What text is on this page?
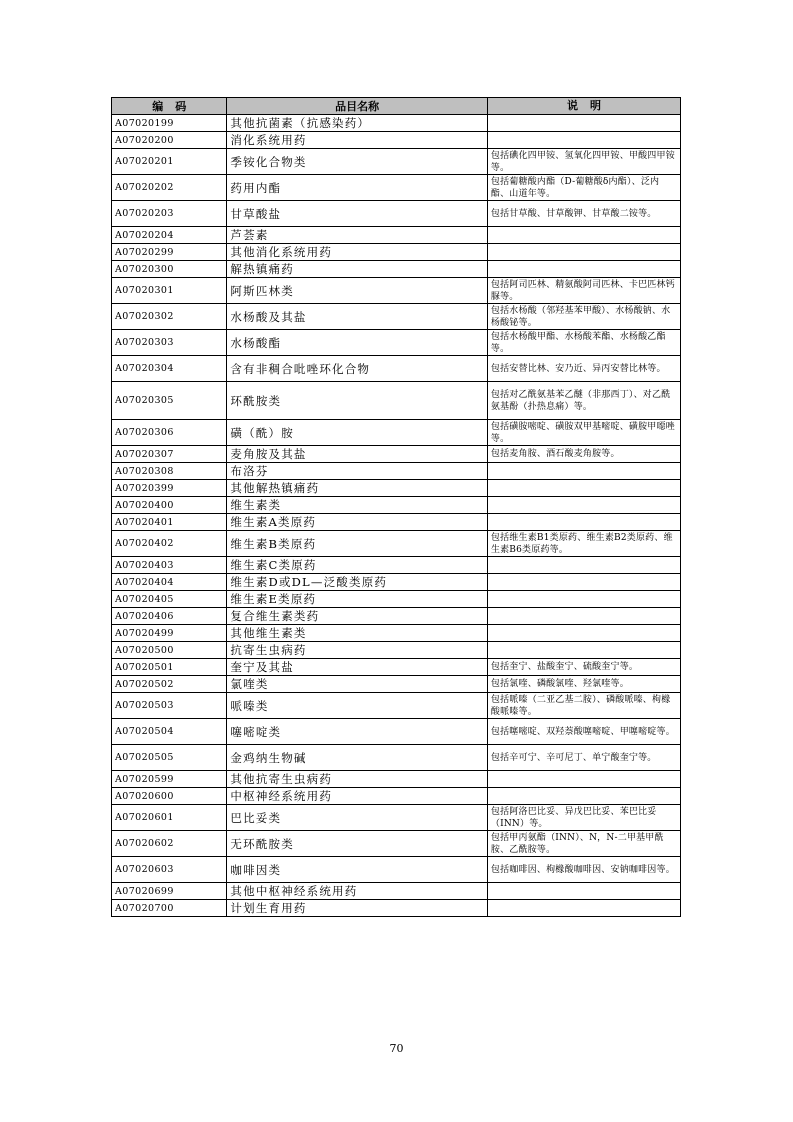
编码	品目名称	说明
A07020199	其他抗菌素（抗感染药）	
A07020200	消化系统用药	
A07020201	季铵化合物类	包括碘化四甲铵、氢氧化四甲铵、甲酸四甲铵等。
A07020202	药用内酯	包括葡糖酸内酯（D-葡糖酸δ内酯）、泛内酯、山道年等。
A07020203	甘草酸盐	包括甘草酸、甘草酸钾、甘草酸二铵等。
A07020204	芦荟素	
A07020299	其他消化系统用药	
A07020300	解热镇痛药	
A07020301	阿斯匹林类	包括阿司匹林、精氨酸阿司匹林、卡巴匹林钙脲等。
A07020302	水杨酸及其盐	包括水杨酸（邻羟基苯甲酸）、水杨酸钠、水杨酸铋等。
A07020303	水杨酸酯	包括水杨酸甲酯、水杨酸苯酯、水杨酸乙酯等。
A07020304	含有非稠合吡唑环化合物	包括安替比林、安乃近、异丙安替比林等。
A07020305	环酰胺类	包括对乙酰氨基苯乙醚（非那西丁）、对乙酰氨基酚（扑热息痛）等。
A07020306	磺（酰）胺	包括磺胺嘧啶、磺胺双甲基嘧啶、磺胺甲噁唑等。
A07020307	麦角胺及其盐	包括麦角胺、酒石酸麦角胺等。
A07020308	布洛芬	
A07020399	其他解热镇痛药	
A07020400	维生素类	
A07020401	维生素A类原药	
A07020402	维生素B类原药	包括维生素B1类原药、维生素B2类原药、维生素B6类原药等。
A07020403	维生素C类原药	
A07020404	维生素D或DL—泛酸类原药	
A07020405	维生素E类原药	
A07020406	复合维生素类药	
A07020499	其他维生素类	
A07020500	抗寄生虫病药	
A07020501	奎宁及其盐	包括奎宁、盐酸奎宁、硫酸奎宁等。
A07020502	氯喹类	包括氯喹、磷酸氯喹、羟氯喹等。
A07020503	哌嗪类	包括哌嗪（二亚乙基二胺）、磷酸哌嗪、枸橼酸哌嗪等。
A07020504	噻嘧啶类	包括噻嘧啶、双羟萘酸噻嘧啶、甲噻嘧啶等。
A07020505	金鸡纳生物碱	包括辛可宁、辛可尼丁、单宁酸奎宁等。
A07020599	其他抗寄生虫病药	
A07020600	中枢神经系统用药	
A07020601	巴比妥类	包括阿洛巴比妥、异戊巴比妥、苯巴比妥（INN）等。
A07020602	无环酰胺类	包括甲丙氨酯（INN）、N，N-二甲基甲酰胺、乙酰胺等。
A07020603	咖啡因类	包括咖啡因、枸橼酸咖啡因、安钠咖啡因等。
A07020699	其他中枢神经系统用药	
A07020700	计划生育用药	
70
